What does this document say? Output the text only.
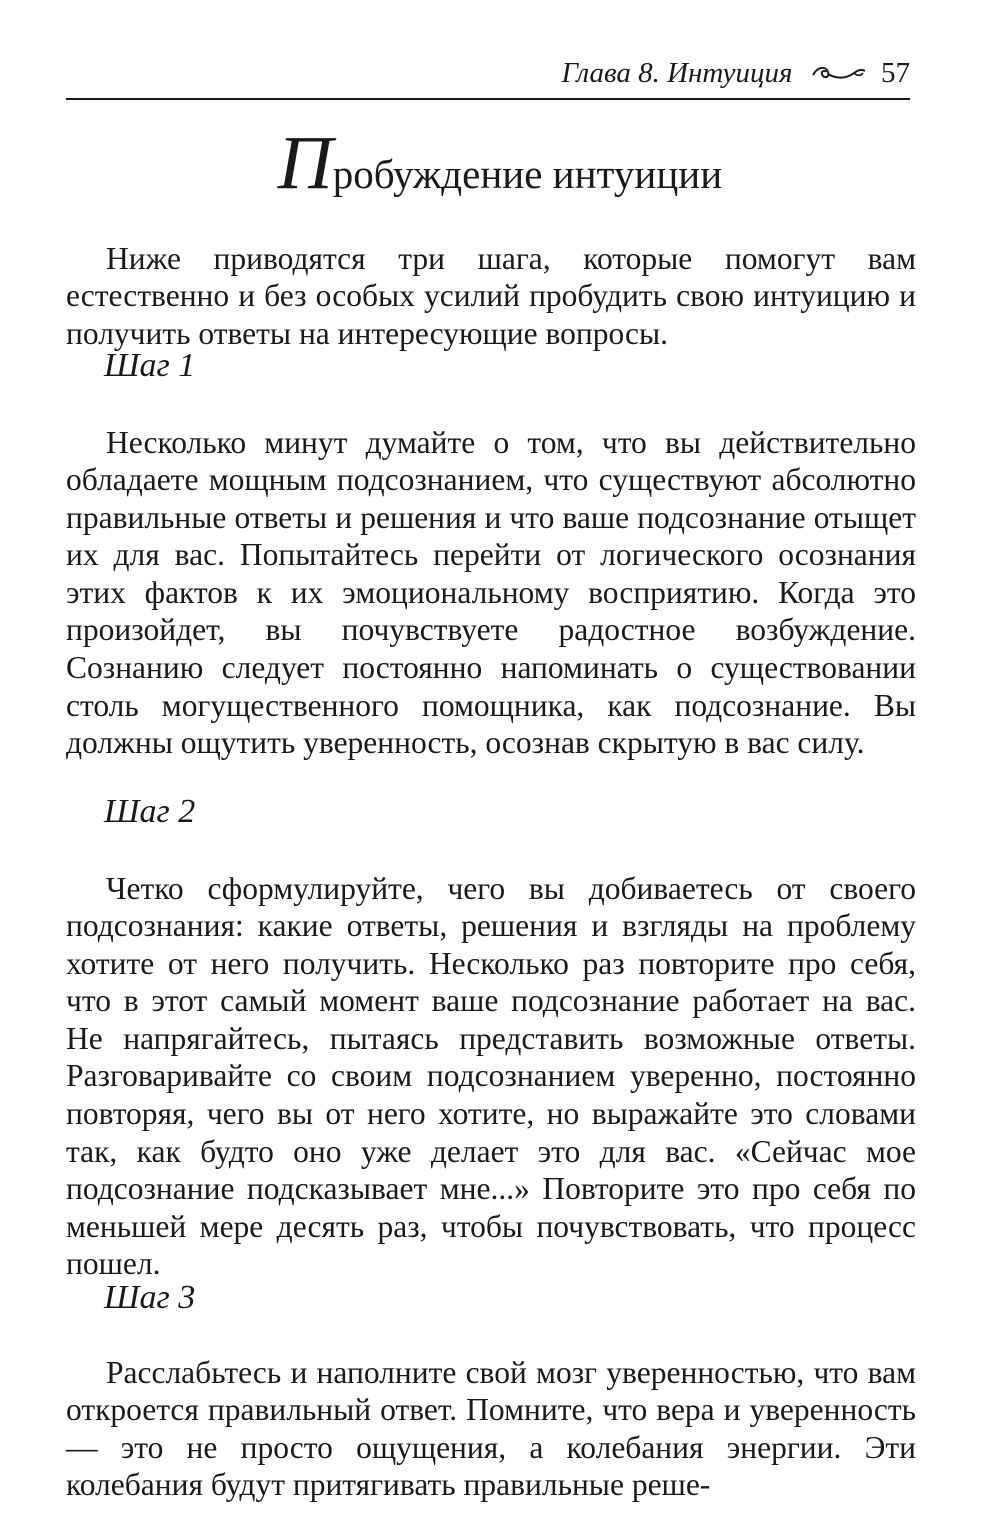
Глава 8. Интуиция	57
Пробуждение интуиции

Ниже приводятся три шага, которые помогут вам естественно и без особых усилий пробудить свою интуицию и получить ответы на интересующие вопросы.

Шаг 1

Несколько минут думайте о том, что вы действительно обладаете мощным подсознанием, что существуют абсолютно правильные ответы и решения и что ваше подсознание отыщет их для вас. Попытайтесь перейти от логического осознания этих фактов к их эмоциональному восприятию. Когда это произойдет, вы почувствуете радостное возбуждение. Сознанию следует постоянно напоминать о существовании столь могущественного помощника, как подсознание. Вы должны ощутить уверенность, осознав скрытую в вас силу.

Шаг 2

Четко сформулируйте, чего вы добиваетесь от своего подсознания: какие ответы, решения и взгляды на проблему хотите от него получить. Несколько раз повторите про себя, что в этот самый момент ваше подсознание работает на вас. Не напрягайтесь, пытаясь представить возможные ответы. Разговаривайте со своим подсознанием уверенно, постоянно повторяя, чего вы от него хотите, но выражайте это словами так, как будто оно уже делает это для вас. «Сейчас мое подсознание подсказывает мне...» Повторите это про себя по меньшей мере десять раз, чтобы почувствовать, что процесс пошел.

Шаг 3

Расслабьтесь и наполните свой мозг уверенностью, что вам откроется правильный ответ. Помните, что вера и уверенность — это не просто ощущения, а колебания энергии. Эти колебания будут притягивать правильные реше-
